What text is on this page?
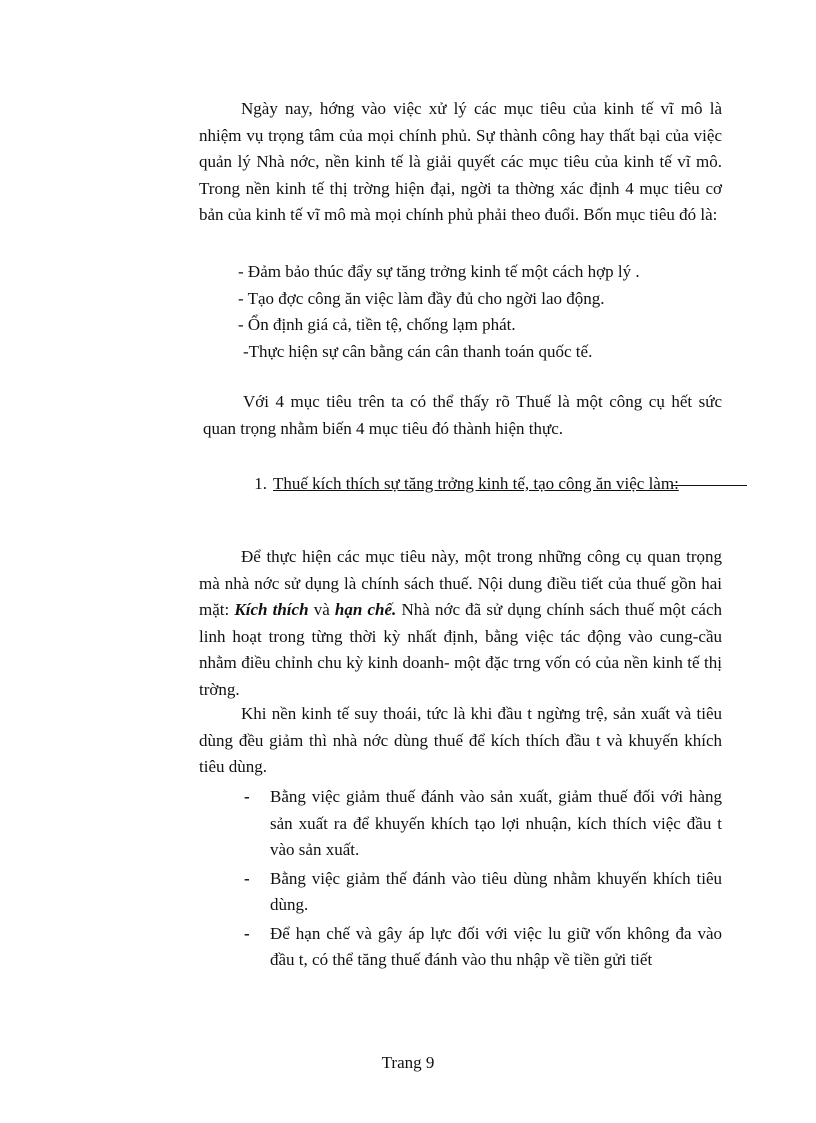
Ngày nay, hớng vào việc xử lý các mục tiêu của kinh tế vĩ mô là nhiệm vụ trọng tâm của mọi chính phủ. Sự thành công hay thất bại của việc quản lý Nhà nớc, nền kinh tế là giải quyết các mục tiêu của kinh tế vĩ mô. Trong nền kinh tế thị trờng hiện đại, ngời ta thờng xác định 4 mục tiêu cơ bản của kinh tế vĩ mô mà mọi chính phủ phải theo đuổi. Bốn mục tiêu đó là:

- Đảm bảo thúc đẩy sự tăng trởng kinh tế một cách hợp lý .
- Tạo đợc công ăn việc làm đầy đủ cho ngời lao động.
- Ổn định giá cả, tiền tệ, chống lạm phát.
-Thực hiện sự cân bằng cán cân thanh toán quốc tế.

Với 4 mục tiêu trên ta có thể thấy rõ Thuế là một công cụ hết sức quan trọng nhằm biến 4 mục tiêu đó thành hiện thực.

1. Thuế kích thích sự tăng trởng kinh tế, tạo công ăn việc làm:

Để thực hiện các mục tiêu này, một trong những công cụ quan trọng mà nhà nớc sử dụng là chính sách thuế. Nội dung điều tiết của thuế gồn hai mặt: Kích thích và hạn chế. Nhà nớc đã sử dụng chính sách thuế một cách linh hoạt trong từng thời kỳ nhất định, bằng việc tác động vào cung-cầu nhằm điều chỉnh chu kỳ kinh doanh- một đặc trng vốn có của nền kinh tế thị trờng.

Khi nền kinh tế suy thoái, tức là khi đầu t ngừng trệ, sản xuất và tiêu dùng đều giảm thì nhà nớc dùng thuế để kích thích đầu t và khuyến khích tiêu dùng.

- Bằng việc giảm thuế đánh vào sản xuất, giảm thuế đối với hàng sản xuất ra để khuyến khích tạo lợi nhuận, kích thích việc đầu t vào sản xuất.
- Bằng việc giảm thế đánh vào tiêu dùng nhằm khuyến khích tiêu dùng.
- Để hạn chế và gây áp lực đối với việc lu giữ vốn không đa vào đầu t, có thể tăng thuế đánh vào thu nhập về tiền gửi tiết
Trang 9
